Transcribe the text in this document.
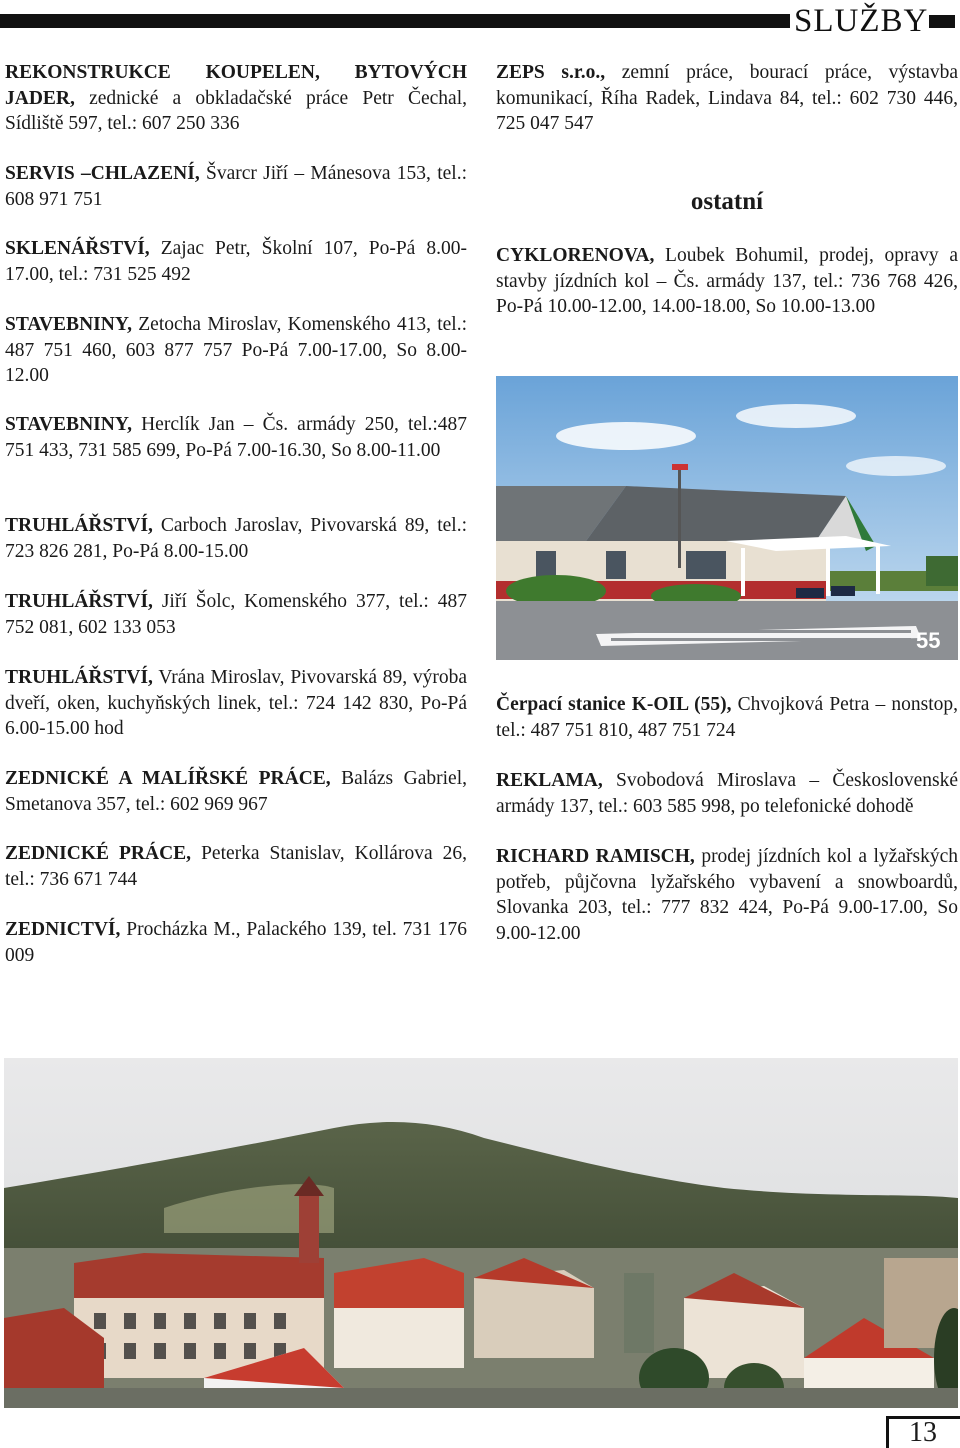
SLUŽBY

REKONSTRUKCE KOUPELEN, BYTOVÝCH JADER, zednické a obkladačské práce Petr Čechal, Sídliště 597, tel.: 607 250 336

SERVIS –CHLAZENÍ, Švarcr Jiří – Mánesova 153, tel.: 608 971 751

SKLENÁŘSTVÍ, Zajac Petr, Školní 107, Po-Pá 8.00-17.00, tel.: 731 525 492

STAVEBNINY, Zetocha Miroslav, Komenského 413, tel.: 487 751 460, 603 877 757 Po-Pá 7.00-17.00, So 8.00-12.00

STAVEBNINY, Herclík Jan – Čs. armády 250, tel.:487 751 433, 731 585 699, Po-Pá 7.00-16.30, So 8.00-11.00

TRUHLÁŘSTVÍ, Carboch Jaroslav, Pivovarská 89, tel.: 723 826 281, Po-Pá 8.00-15.00

TRUHLÁŘSTVÍ, Jiří Šolc, Komenského 377, tel.: 487 752 081, 602 133 053

TRUHLÁŘSTVÍ, Vrána Miroslav, Pivovarská 89, výroba dveří, oken, kuchyňských linek, tel.: 724 142 830, Po-Pá 6.00-15.00 hod

ZEDNICKÉ A MALÍŘSKÉ PRÁCE, Balázs Gabriel, Smetanova 357, tel.: 602 969 967

ZEDNICKÉ PRÁCE, Peterka Stanislav, Kollárova 26, tel.: 736 671 744

ZEDNICTVÍ, Procházka M., Palackého 139, tel. 731 176 009

ZEPS s.r.o., zemní práce, bourací práce, výstavba komunikací, Říha Radek, Lindava 84, tel.: 602 730 446, 725 047 547

ostatní

CYKLORENOVA, Loubek Bohumil, prodej, opravy a stavby jízdních kol – Čs. armády 137, tel.: 736 768 426, Po-Pá 10.00-12.00, 14.00-18.00, So 10.00-13.00

Čerpací stanice K-OIL (55), Chvojková Petra – nonstop, tel.: 487 751 810, 487 751 724

REKLAMA, Svobodová Miroslava – Československé armády 137, tel.: 603 585 998, po telefonické dohodě

RICHARD RAMISCH, prodej jízdních kol a lyžařských potřeb, půjčovna lyžařského vybavení a snowboardů, Slovanka 203, tel.: 777 832 424, Po-Pá 9.00-17.00, So 9.00-12.00

55
13
